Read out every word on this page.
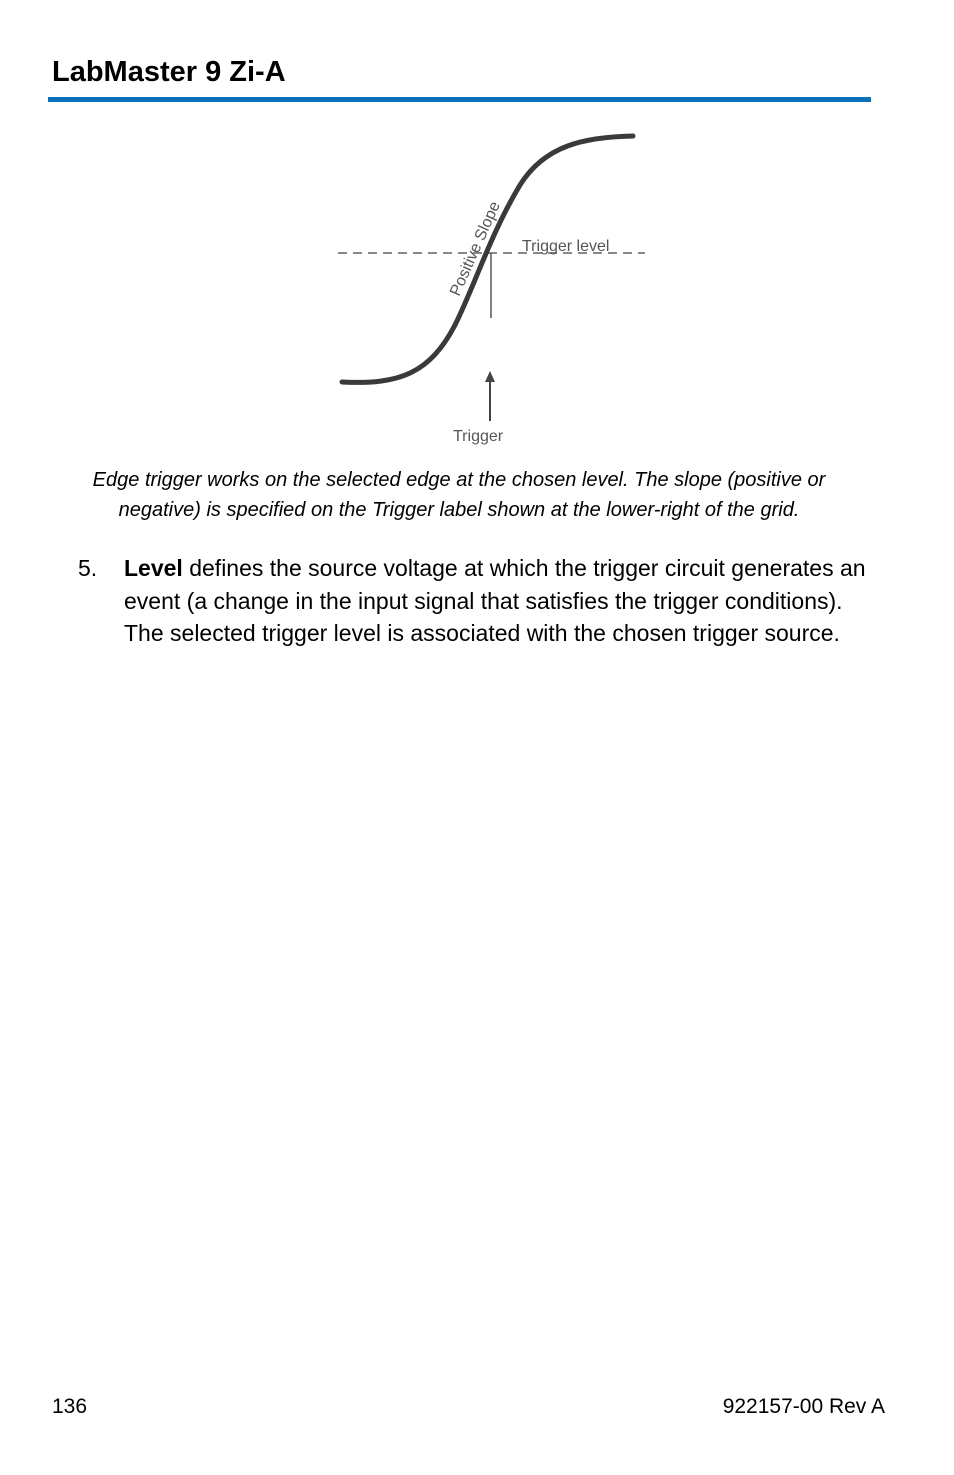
LabMaster 9 Zi-A
Positive Slope Trigger level
Trigger
Edge trigger works on the selected edge at the chosen level. The slope (positive or
negative) is specified on the Trigger label shown at the lower-right of the grid.
5. Level defines the source voltage at which the trigger circuit generates an event (a change in the input signal that satisfies the trigger conditions). The selected trigger level is associated with the chosen trigger source.
136	922157-00 Rev A
